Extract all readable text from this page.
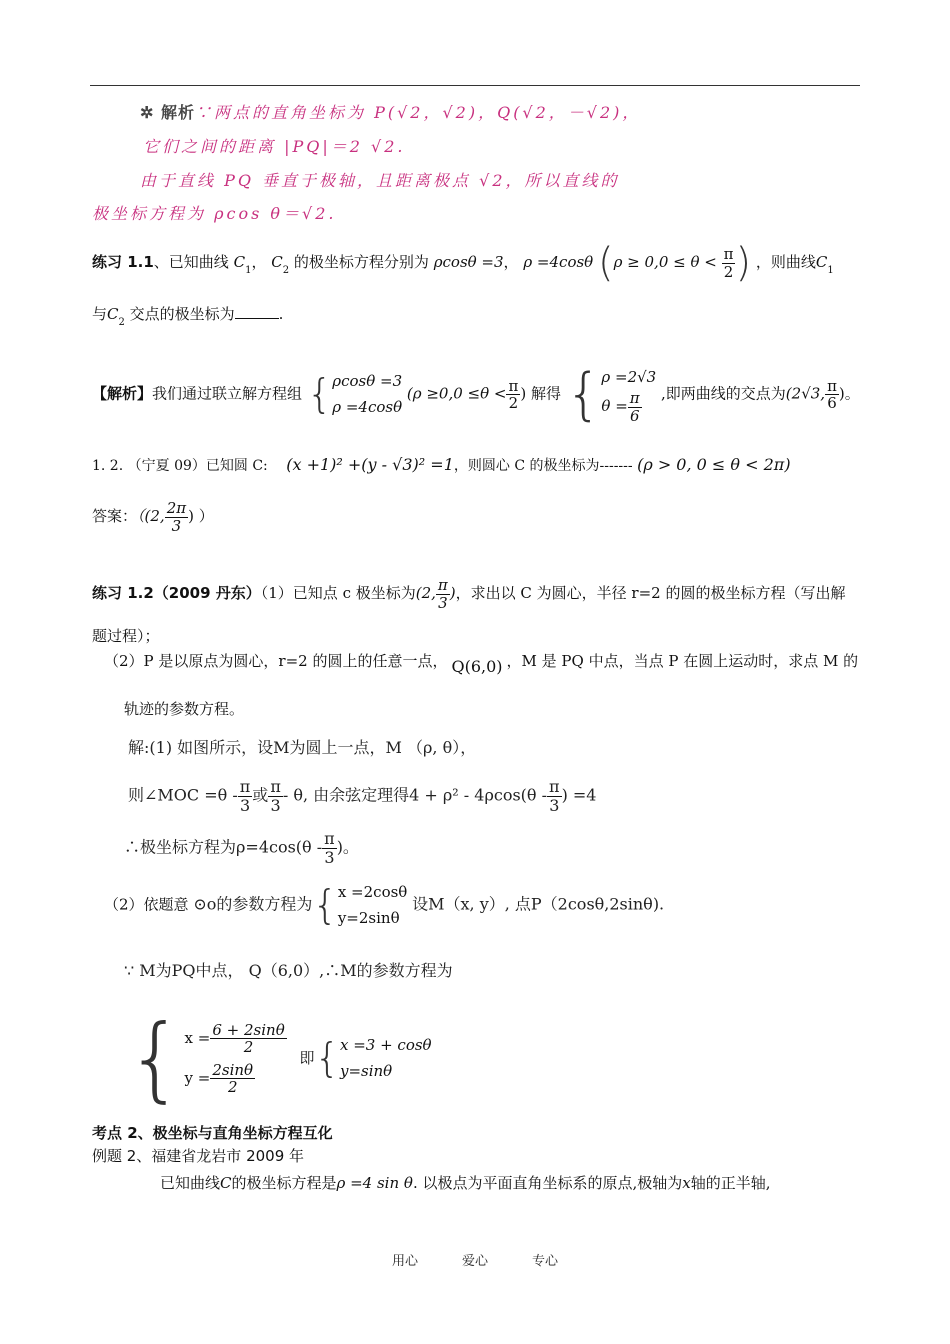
✲ 解析∵两点的直角坐标为 P(√2，√2)，Q(√2，－√2)，
它们之间的距离 |PQ|＝2 √2.
由于直线 PQ 垂直于极轴，且距离极点 √2，所以直线的
极坐标方程为 ρcos θ＝√2.
练习 1.1、已知曲线 $C_1$， $C_2$ 的极坐标方程分别为 ρcosθ =3， ρ =4cosθ ($\rho \ge 0,0 \le \theta < \frac{\pi}{2}$ ) ，则曲线$C_1$
与$C_2$ 交点的极坐标为	.
【解析】我们通过联立解方程组 { ρcosθ =3
ρ =4cosθ
($\rho \ge 0,0 \le\theta < \frac{\pi}{2}$ ) 解得 { ρ =2√3
$\theta = \frac{\pi}{6}$ ,即两曲线的交点为(2√3, $\frac{\pi}{6}$ )。
1. 2. （宁夏 09）已知圆 C: (x +1)² +(y - √3)² =1，则圆心 C 的极坐标为------- (ρ > 0, 0 ≤ θ < 2π)
答案：（(2, $\frac{2\pi}{3}$ ) ）
练习 1.2（2009 丹东）（1）已知点 c 极坐标为(2, $\frac{\pi}{3}$ )，求出以 C 为圆心，半径 r=2 的圆的极坐标方程（写出解
题过程）；
（2）P 是以原点为圆心，r=2 的圆上的任意一点， Q(6,0) ，M 是 PQ 中点，当点 P 在圆上运动时，求点 M 的
轨迹的参数方程。
解:(1) 如图所示，设M为圆上一点，M （ρ, θ），
则∠MOC $=\theta - \frac{\pi}{3}$ 或 $\frac{\pi}{3}$ - θ, 由余弦定理得$4 + \rho^2 - 4\rho\cos(\theta - \frac{\pi}{3}$ ) =4
∴极坐标方程为$\rho=4\cos(\theta - \frac{\pi}{3}$ )。
（2）依题意 ⊙o的参数方程为{ x =2cosθ
y=2sinθ
设M（x, y）, 点P（2cosθ,2sinθ).
∵ M为PQ中点， Q（6,0）,∴M的参数方程为
{ $x = \frac{6 + 2\sin\theta}{2}$
$y = \frac{2\sin\theta}{2}$
即{ x =3 + cosθ
y=sinθ
考点 2、极坐标与直角坐标方程互化
例题 2、福建省龙岩市 2009 年
已知曲线C的极坐标方程是ρ =4 sin θ. 以极点为平面直角坐标系的原点,极轴为x轴的正半轴,
用心	爱心	专心
